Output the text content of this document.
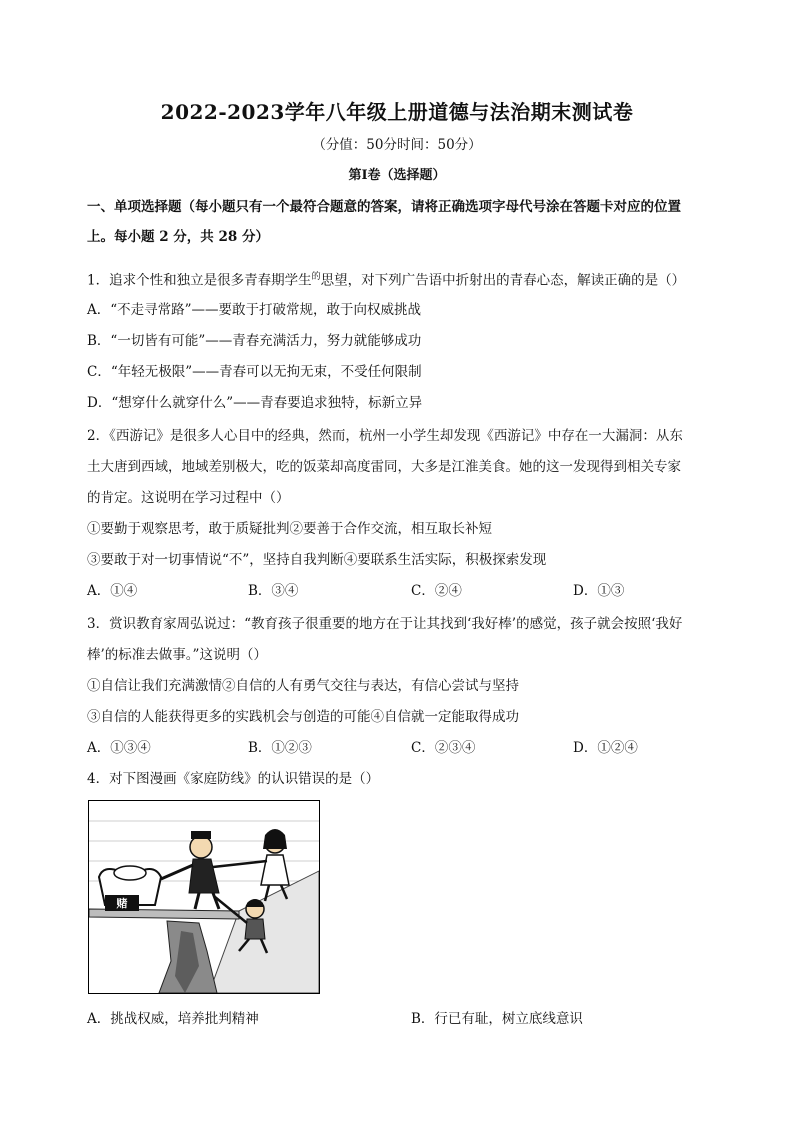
2022-2023学年八年级上册道德与法治期末测试卷
（分值：50分时间：50分）
第Ⅰ卷（选择题）
一、单项选择题（每小题只有一个最符合题意的答案，请将正确选项字母代号涂在答题卡对应的位置
上。每小题 2 分，共 28 分）
1．追求个性和独立是很多青春期学生$^的$思望，对下列广告语中折射出的青春心态，解读正确的是（）
A．“不走寻常路”——要敢于打破常规，敢于向权威挑战
B．“一切皆有可能”——青春充满活力，努力就能够成功
C．“年轻无极限”——青春可以无拘无束，不受任何限制
D．“想穿什么就穿什么”——青春要追求独特，标新立异
2．《西游记》是很多人心目中的经典，然而，杭州一小学生却发现《西游记》中存在一大漏洞：从东
土大唐到西域，地域差别极大，吃的饭菜却高度雷同，大多是江淮美食。她的这一发现得到相关专家
的肯定。这说明在学习过程中（）
①要勤于观察思考，敢于质疑批判②要善于合作交流，相互取长补短
③要敢于对一切事情说“不”，坚持自我判断④要联系生活实际，积极探索发现
A．①④	B．③④	C．②④	D．①③
3．赏识教育家周弘说过：“教育孩子很重要的地方在于让其找到‘我好棒’的感觉，孩子就会按照‘我好
棒’的标准去做事。”这说明（）
①自信让我们充满激情②自信的人有勇气交往与表达，有信心尝试与坚持
③自信的人能获得更多的实践机会与创造的可能④自信就一定能取得成功
A．①③④	B．①②③	C．②③④	D．①②④
4．对下图漫画《家庭防线》的认识错误的是（）
赌
A．挑战权威，培养批判精神	B．行已有耻，树立底线意识
